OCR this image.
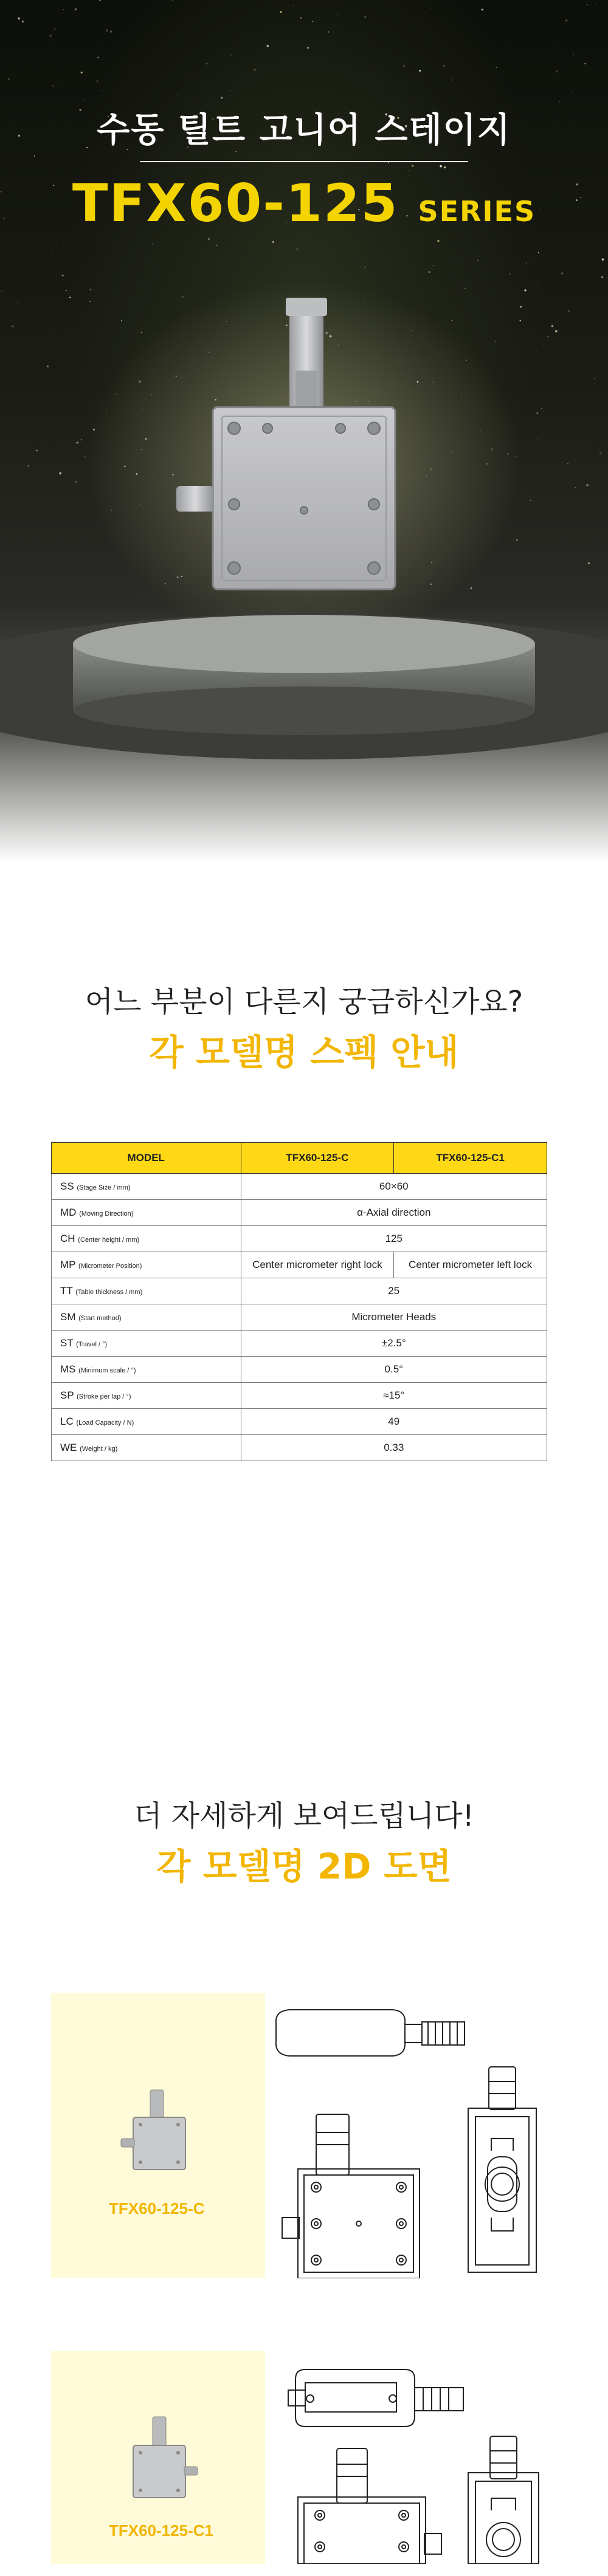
수동 틸트 고니어 스테이지
TFX60-125 SERIES
어느 부분이 다른지 궁금하신가요?
각 모델명 스펙 안내
MODEL	TFX60-125-C	TFX60-125-C1
SS (Stage Size / mm)	60×60	
MD (Moving Direction)	α-Axial direction	
CH (Center height / mm)	125	
MP (Micrometer Position)	Center micrometer right lock	Center micrometer left lock
TT (Table thickness / mm)	25	
SM (Start method)	Micrometer Heads	
ST (Travel / °)	±2.5°	
MS (Minimum scale / °)	0.5°	
SP (Stroke per lap / °)	≈15°	
LC (Load Capacity / N)	49	
WE (Weight / kg)	0.33	
더 자세하게 보여드립니다!
각 모델명 2D 도면
TFX60-125-C
TFX60-125-C1
